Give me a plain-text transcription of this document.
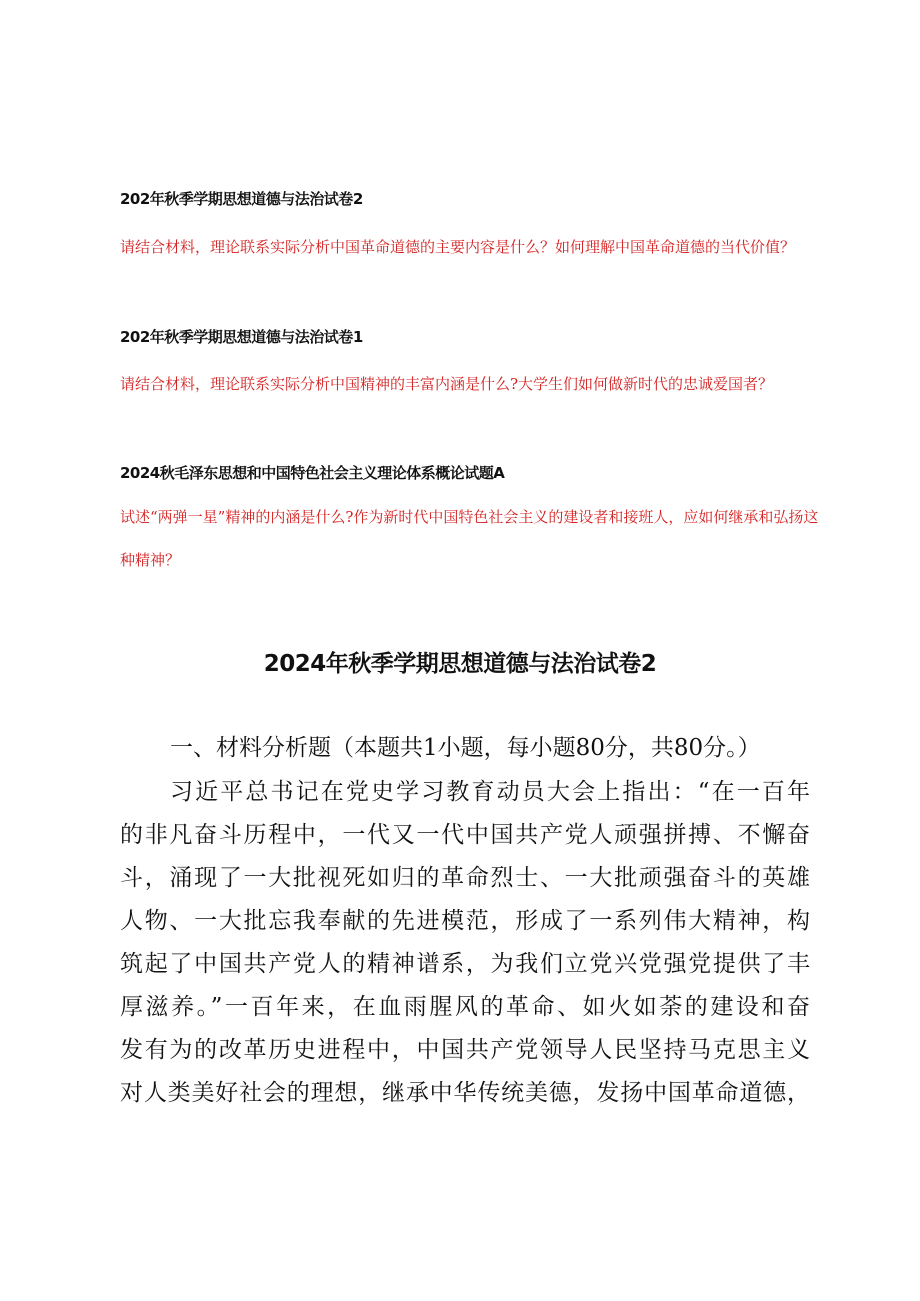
202年秋季学期思想道德与法治试卷2
请结合材料，理论联系实际分析中国革命道德的主要内容是什么？如何理解中国革命道德的当代价值？
202年秋季学期思想道德与法治试卷1
请结合材料，理论联系实际分析中国精神的丰富内涵是什么?大学生们如何做新时代的忠诚爱国者？
2024秋毛泽东思想和中国特色社会主义理论体系概论试题A
试述“两弹一星”精神的内涵是什么?作为新时代中国特色社会主义的建设者和接班人，应如何继承和弘扬这种精神？
2024年秋季学期思想道德与法治试卷2
一、材料分析题（本题共1小题，每小题80分，共80分。）
习近平总书记在党史学习教育动员大会上指出：“在一百年
的非凡奋斗历程中，一代又一代中国共产党人顽强拼搏、不懈奋
斗，涌现了一大批视死如归的革命烈士、一大批顽强奋斗的英雄
人物、一大批忘我奉献的先进模范，形成了一系列伟大精神，构
筑起了中国共产党人的精神谱系，为我们立党兴党强党提供了丰
厚滋养。”一百年来，在血雨腥风的革命、如火如荼的建设和奋
发有为的改革历史进程中，中国共产党领导人民坚持马克思主义
对人类美好社会的理想，继承中华传统美德，发扬中国革命道德，
